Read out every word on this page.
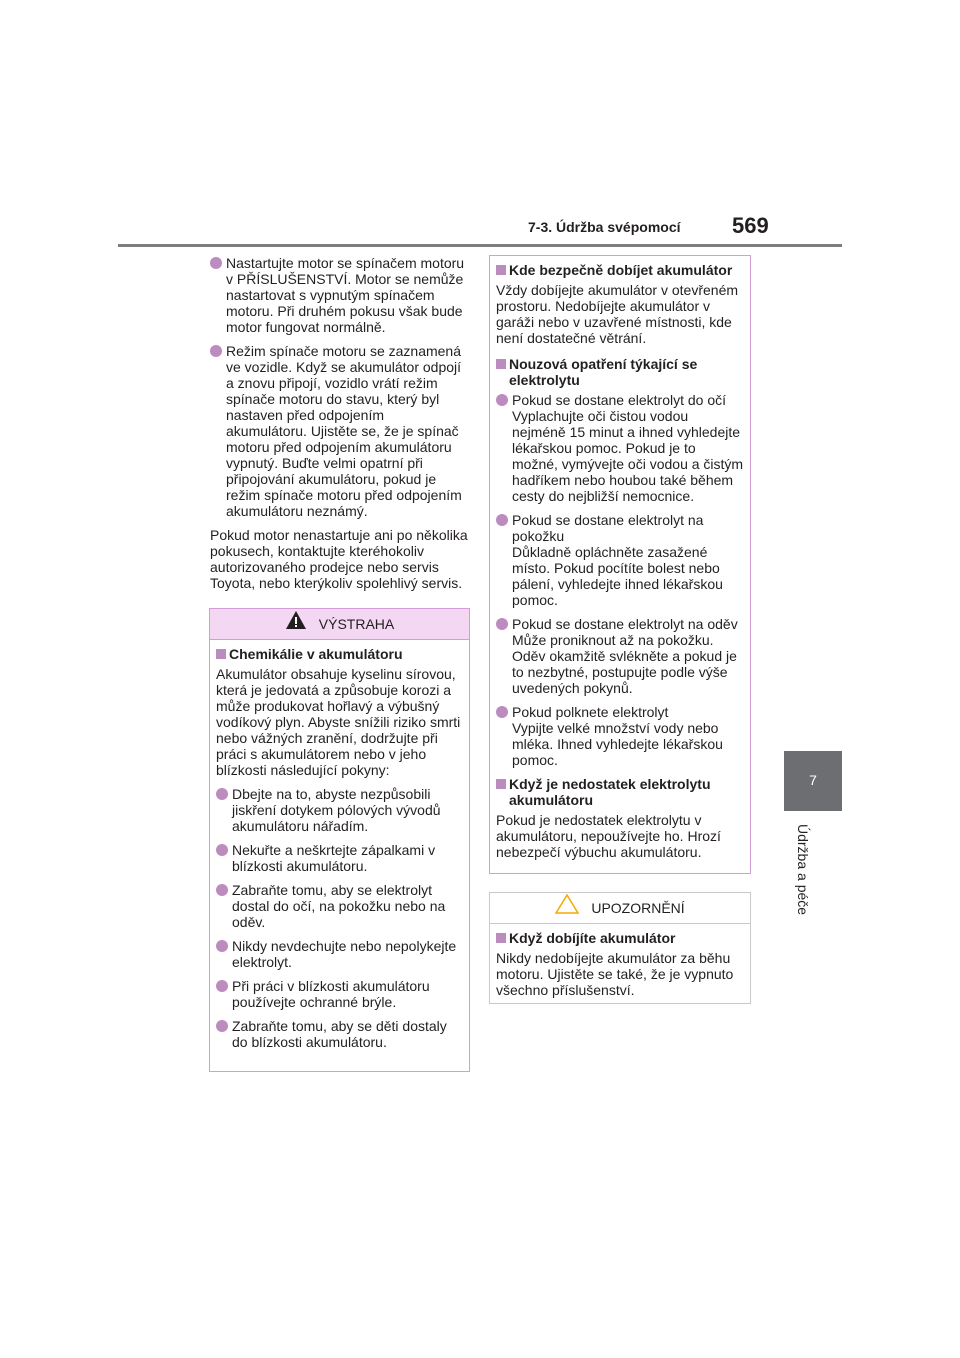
7-3. Údržba svépomocí 569
7
Údržba a péče
Nastartujte motor se spínačem motoru v PŘÍSLUŠENSTVÍ. Motor se nemůže nastartovat s vypnutým spínačem motoru. Při druhém pokusu však bude motor fungovat normálně.
Režim spínače motoru se zaznamená ve vozidle. Když se akumulátor odpojí a znovu připojí, vozidlo vrátí režim spínače motoru do stavu, který byl nastaven před odpojením akumulátoru. Ujistěte se, že je spínač motoru před odpojením akumulátoru vypnutý. Buďte velmi opatrní při připojování akumulátoru, pokud je režim spínače motoru před odpojením akumulátoru neznámý.
Pokud motor nenastartuje ani po několika pokusech, kontaktujte kteréhokoliv autorizovaného prodejce nebo servis Toyota, nebo kterýkoliv spolehlivý servis.
VÝSTRAHA
Chemikálie v akumulátoru
Akumulátor obsahuje kyselinu sírovou, která je jedovatá a způsobuje korozi a může produkovat hořlavý a výbušný vodíkový plyn. Abyste snížili riziko smrti nebo vážných zranění, dodržujte při práci s akumulátorem nebo v jeho blízkosti následující pokyny:
Dbejte na to, abyste nezpůsobili jiskření dotykem pólových vývodů akumulátoru nářadím.
Nekuřte a neškrtejte zápalkami v blízkosti akumulátoru.
Zabraňte tomu, aby se elektrolyt dostal do očí, na pokožku nebo na oděv.
Nikdy nevdechujte nebo nepolykejte elektrolyt.
Při práci v blízkosti akumulátoru používejte ochranné brýle.
Zabraňte tomu, aby se děti dostaly do blízkosti akumulátoru.
Kde bezpečně dobíjet akumulátor
Vždy dobíjejte akumulátor v otevřeném prostoru. Nedobíjejte akumulátor v garáži nebo v uzavřené místnosti, kde není dostatečné větrání.
Nouzová opatření týkající se elektrolytu
Pokud se dostane elektrolyt do očí
Vyplachujte oči čistou vodou nejméně 15 minut a ihned vyhledejte lékařskou pomoc. Pokud je to možné, vymývejte oči vodou a čistým hadříkem nebo houbou také během cesty do nejbližší nemocnice.
Pokud se dostane elektrolyt na pokožku
Důkladně opláchněte zasažené místo. Pokud pocítíte bolest nebo pálení, vyhledejte ihned lékařskou pomoc.
Pokud se dostane elektrolyt na oděv
Může proniknout až na pokožku. Oděv okamžitě svlékněte a pokud je to nezbytné, postupujte podle výše uvedených pokynů.
Pokud polknete elektrolyt
Vypijte velké množství vody nebo mléka. Ihned vyhledejte lékařskou pomoc.
Když je nedostatek elektrolytu akumulátoru
Pokud je nedostatek elektrolytu v akumulátoru, nepoužívejte ho. Hrozí nebezpečí výbuchu akumulátoru.
UPOZORNĚNÍ
Když dobíjíte akumulátor
Nikdy nedobíjejte akumulátor za běhu motoru. Ujistěte se také, že je vypnuto všechno příslušenství.
